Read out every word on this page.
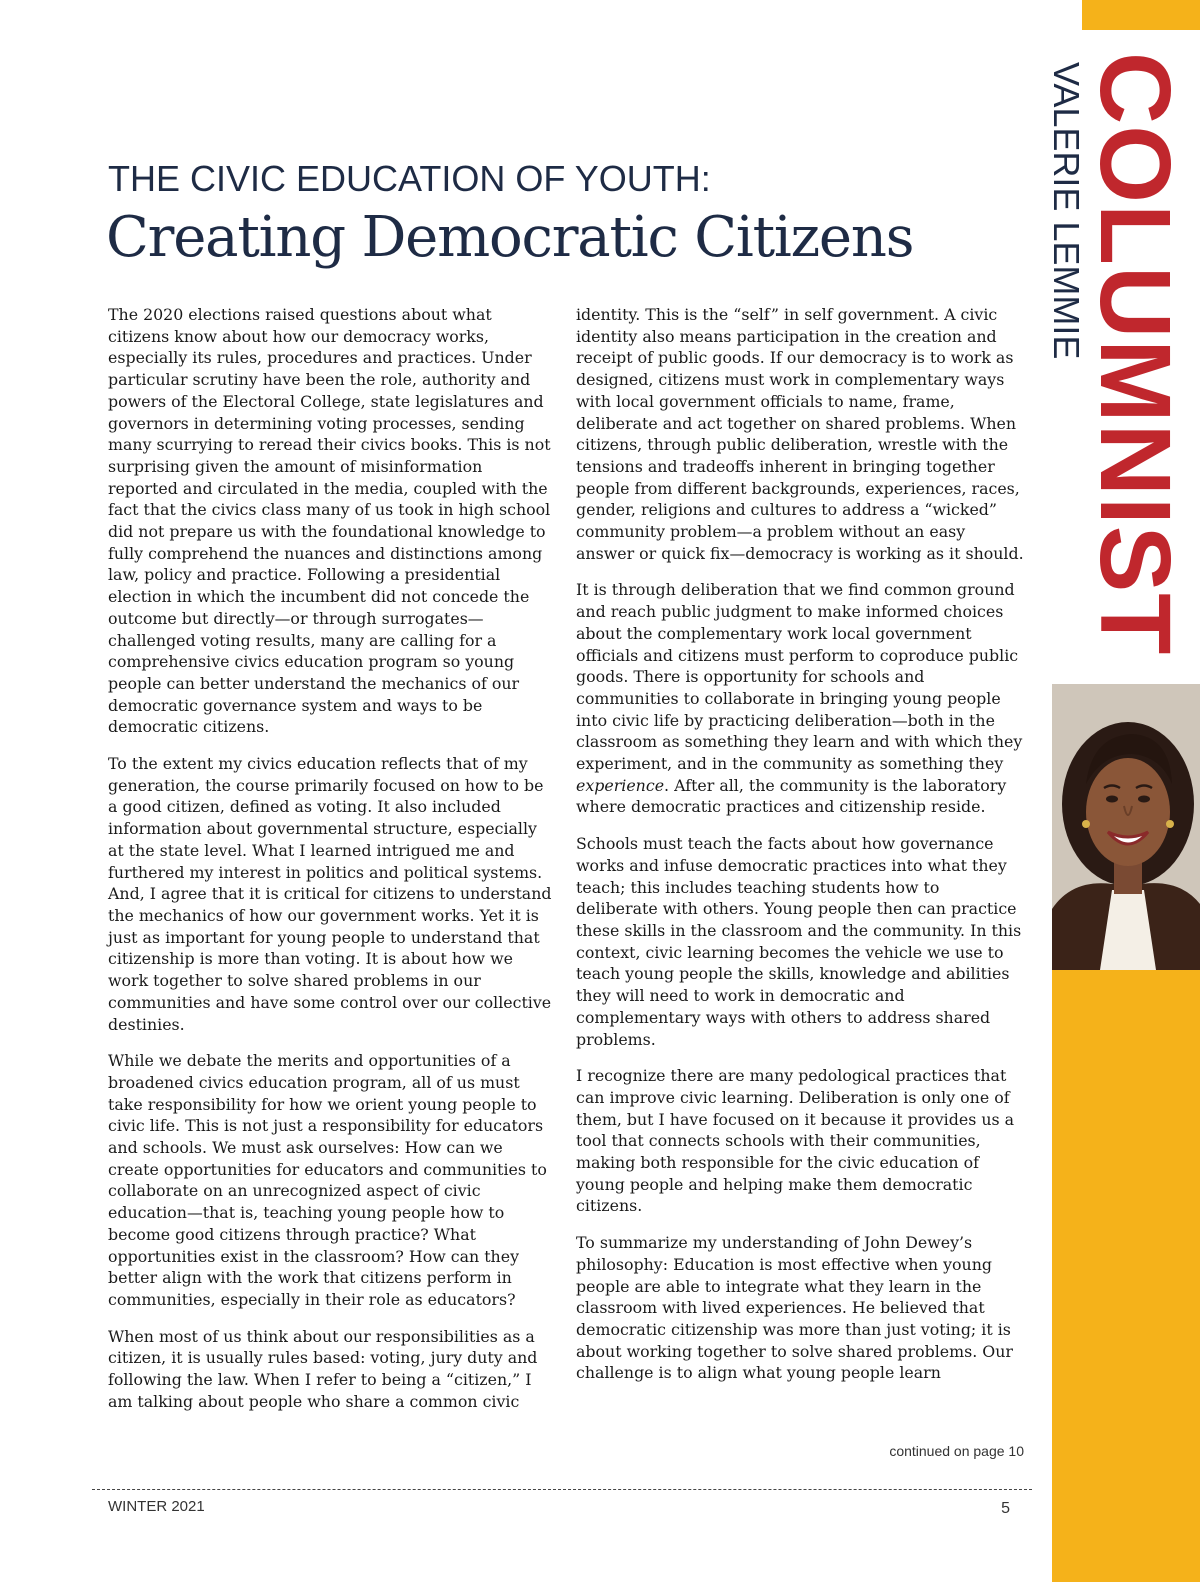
COLUMNIST
VALERIE LEMMIE
THE CIVIC EDUCATION OF YOUTH:
Creating Democratic Citizens

The 2020 elections raised questions about what citizens know about how our democracy works, especially its rules, procedures and practices. Under particular scrutiny have been the role, authority and powers of the Electoral College, state legislatures and governors in determining voting processes, sending many scurrying to reread their civics books. This is not surprising given the amount of misinformation reported and circulated in the media, coupled with the fact that the civics class many of us took in high school did not prepare us with the foundational knowledge to fully comprehend the nuances and distinctions among law, policy and practice. Following a presidential election in which the incumbent did not concede the outcome but directly—or through surrogates—challenged voting results, many are calling for a comprehensive civics education program so young people can better understand the mechanics of our democratic governance system and ways to be democratic citizens.

To the extent my civics education reflects that of my generation, the course primarily focused on how to be a good citizen, defined as voting. It also included information about governmental structure, especially at the state level. What I learned intrigued me and furthered my interest in politics and political systems. And, I agree that it is critical for citizens to understand the mechanics of how our government works. Yet it is just as important for young people to understand that citizenship is more than voting. It is about how we work together to solve shared problems in our communities and have some control over our collective destinies.

While we debate the merits and opportunities of a broadened civics education program, all of us must take responsibility for how we orient young people to civic life. This is not just a responsibility for educators and schools. We must ask ourselves: How can we create opportunities for educators and communities to collaborate on an unrecognized aspect of civic education—that is, teaching young people how to become good citizens through practice? What opportunities exist in the classroom? How can they better align with the work that citizens perform in communities, especially in their role as educators?

When most of us think about our responsibilities as a citizen, it is usually rules based: voting, jury duty and following the law. When I refer to being a “citizen,” I am talking about people who share a common civic

identity. This is the “self” in self government. A civic identity also means participation in the creation and receipt of public goods. If our democracy is to work as designed, citizens must work in complementary ways with local government officials to name, frame, deliberate and act together on shared problems. When citizens, through public deliberation, wrestle with the tensions and tradeoffs inherent in bringing together people from different backgrounds, experiences, races, gender, religions and cultures to address a “wicked” community problem—a problem without an easy answer or quick fix—democracy is working as it should.

It is through deliberation that we find common ground and reach public judgment to make informed choices about the complementary work local government officials and citizens must perform to coproduce public goods. There is opportunity for schools and communities to collaborate in bringing young people into civic life by practicing deliberation—both in the classroom as something they learn and with which they experiment, and in the community as something they experience. After all, the community is the laboratory where democratic practices and citizenship reside.

Schools must teach the facts about how governance works and infuse democratic practices into what they teach; this includes teaching students how to deliberate with others. Young people then can practice these skills in the classroom and the community. In this context, civic learning becomes the vehicle we use to teach young people the skills, knowledge and abilities they will need to work in democratic and complementary ways with others to address shared problems.

I recognize there are many pedological practices that can improve civic learning. Deliberation is only one of them, but I have focused on it because it provides us a tool that connects schools with their communities, making both responsible for the civic education of young people and helping make them democratic citizens.

To summarize my understanding of John Dewey’s philosophy: Education is most effective when young people are able to integrate what they learn in the classroom with lived experiences. He believed that democratic citizenship was more than just voting; it is about working together to solve shared problems. Our challenge is to align what young people learn

continued on page 10
WINTER 2021	5
